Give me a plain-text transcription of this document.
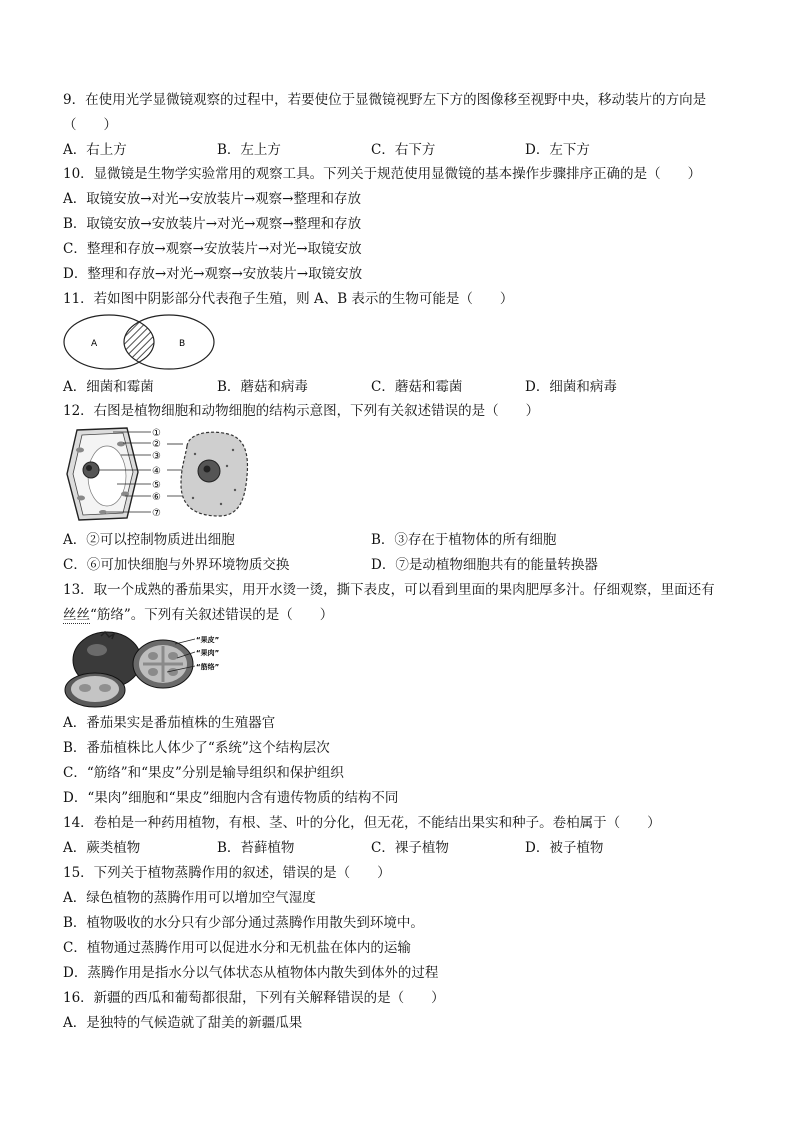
9．在使用光学显微镜观察的过程中，若要使位于显微镜视野左下方的图像移至视野中央，移动装片的方向是
（　　）
A．右上方	B．左上方	C．右下方	D．左下方
10．显微镜是生物学实验常用的观察工具。下列关于规范使用显微镜的基本操作步骤排序正确的是（　　）
A．取镜安放→对光→安放装片→观察→整理和存放
B．取镜安放→安放装片→对光→观察→整理和存放
C．整理和存放→观察→安放装片→对光→取镜安放
D．整理和存放→对光→观察→安放装片→取镜安放
11．若如图中阴影部分代表孢子生殖，则 A、B 表示的生物可能是（　　）
A	B
A．细菌和霉菌	B．蘑菇和病毒	C．蘑菇和霉菌	D．细菌和病毒
12．右图是植物细胞和动物细胞的结构示意图，下列有关叙述错误的是（　　）
①
②
③
④
⑤
⑥
⑦
A．②可以控制物质进出细胞	B．③存在于植物体的所有细胞
C．⑥可加快细胞与外界环境物质交换	D．⑦是动植物细胞共有的能量转换器
13．取一个成熟的番茄果实，用开水烫一烫，撕下表皮，可以看到里面的果肉肥厚多汁。仔细观察，里面还有
丝丝“筋络”。下列有关叙述错误的是（　　）
“果皮”
“果肉”
“筋络”
A．番茄果实是番茄植株的生殖器官
B．番茄植株比人体少了“系统”这个结构层次
C．“筋络”和“果皮”分别是输导组织和保护组织
D．“果肉”细胞和“果皮”细胞内含有遗传物质的结构不同
14．卷柏是一种药用植物，有根、茎、叶的分化，但无花，不能结出果实和种子。卷柏属于（　　）
A．蕨类植物	B．苔藓植物	C．裸子植物	D．被子植物
15．下列关于植物蒸腾作用的叙述，错误的是（　　）
A．绿色植物的蒸腾作用可以增加空气湿度
B．植物吸收的水分只有少部分通过蒸腾作用散失到环境中。
C．植物通过蒸腾作用可以促进水分和无机盐在体内的运输
D．蒸腾作用是指水分以气体状态从植物体内散失到体外的过程
16．新疆的西瓜和葡萄都很甜，下列有关解释错误的是（　　）
A．是独特的气候造就了甜美的新疆瓜果
